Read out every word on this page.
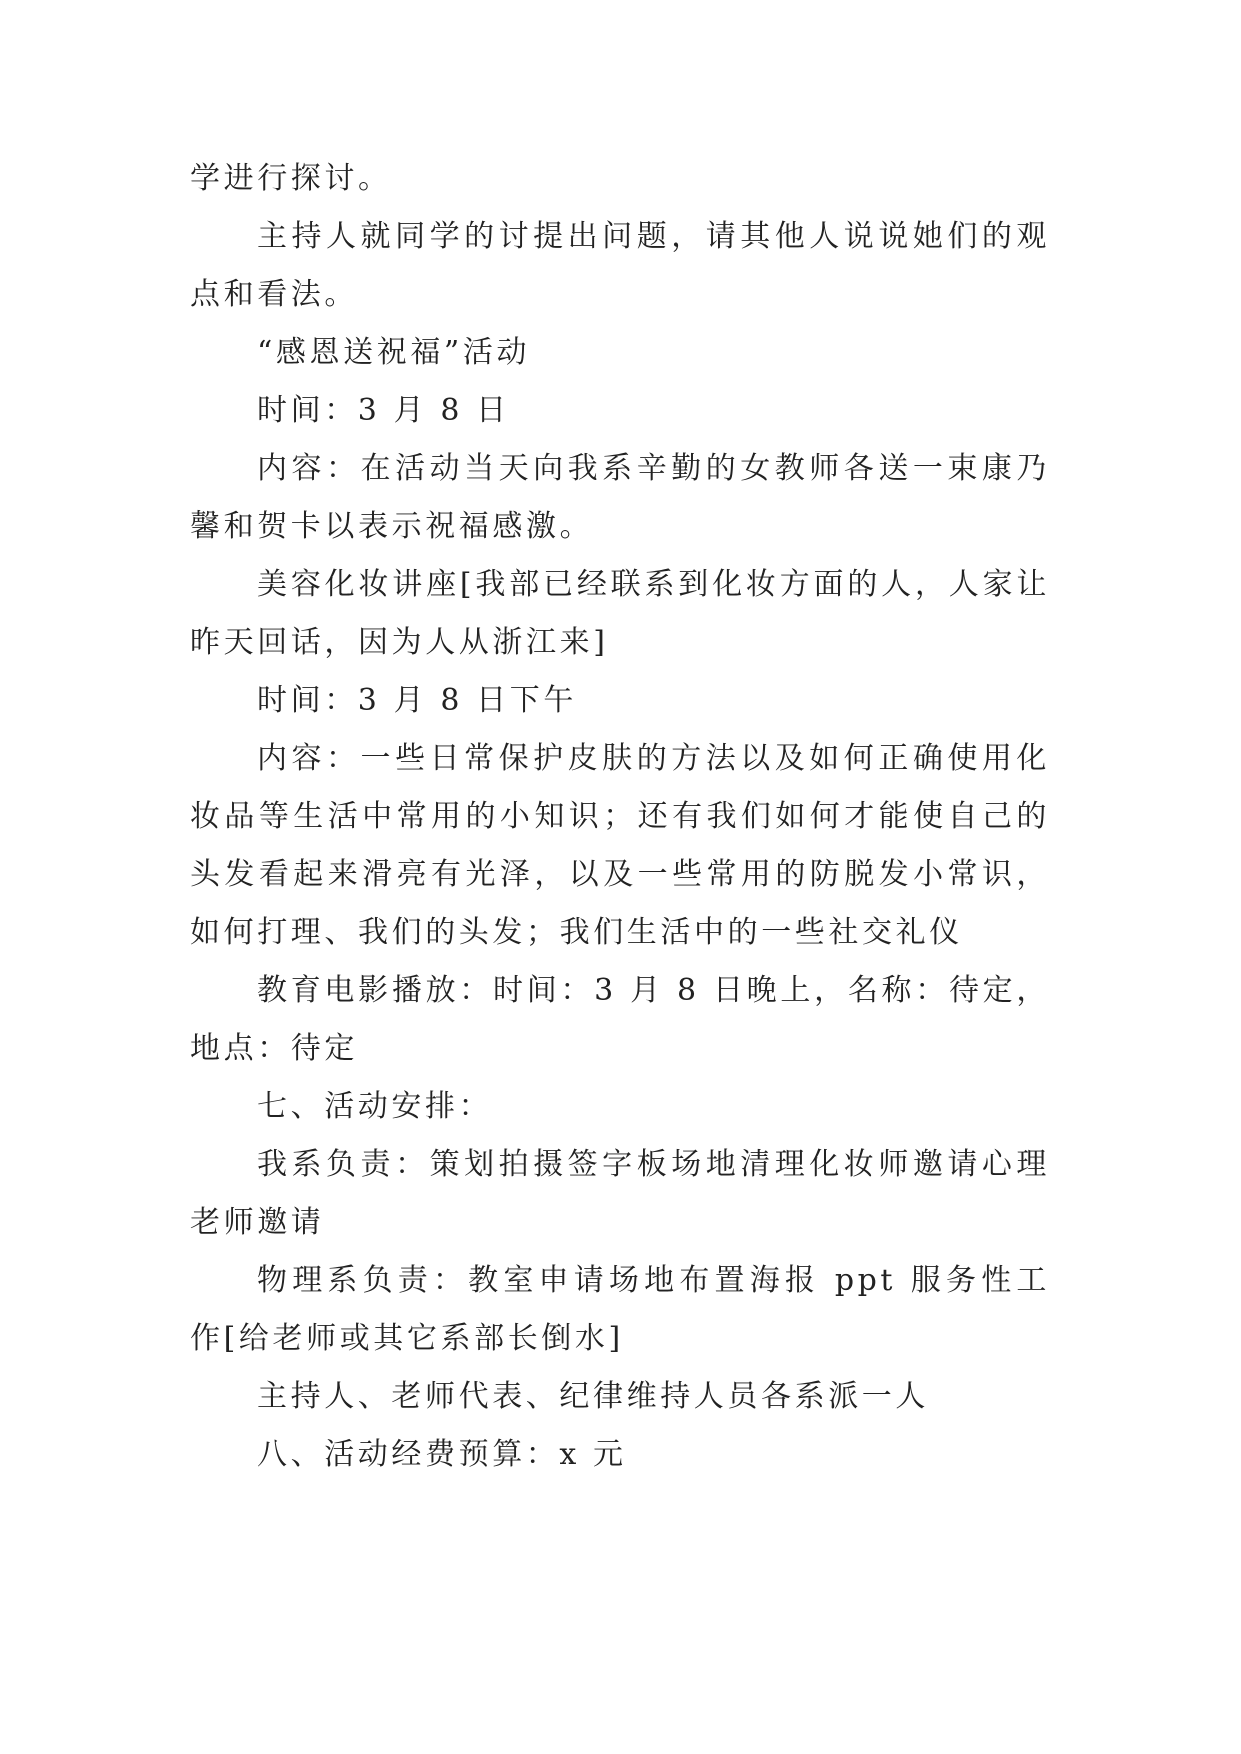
学进行探讨。

主持人就同学的讨提出问题，请其他人说说她们的观点和看法。

“感恩送祝福”活动

时间：3 月 8 日

内容：在活动当天向我系辛勤的女教师各送一束康乃馨和贺卡以表示祝福感激。

美容化妆讲座[我部已经联系到化妆方面的人，人家让昨天回话，因为人从浙江来]

时间：3 月 8 日下午

内容：一些日常保护皮肤的方法以及如何正确使用化妆品等生活中常用的小知识；还有我们如何才能使自己的头发看起来滑亮有光泽，以及一些常用的防脱发小常识，如何打理、我们的头发；我们生活中的一些社交礼仪

教育电影播放：时间：3 月 8 日晚上，名称：待定，地点：待定

七、活动安排：

我系负责：策划拍摄签字板场地清理化妆师邀请心理老师邀请

物理系负责：教室申请场地布置海报 ppt 服务性工作[给老师或其它系部长倒水]

主持人、老师代表、纪律维持人员各系派一人

八、活动经费预算：x 元
